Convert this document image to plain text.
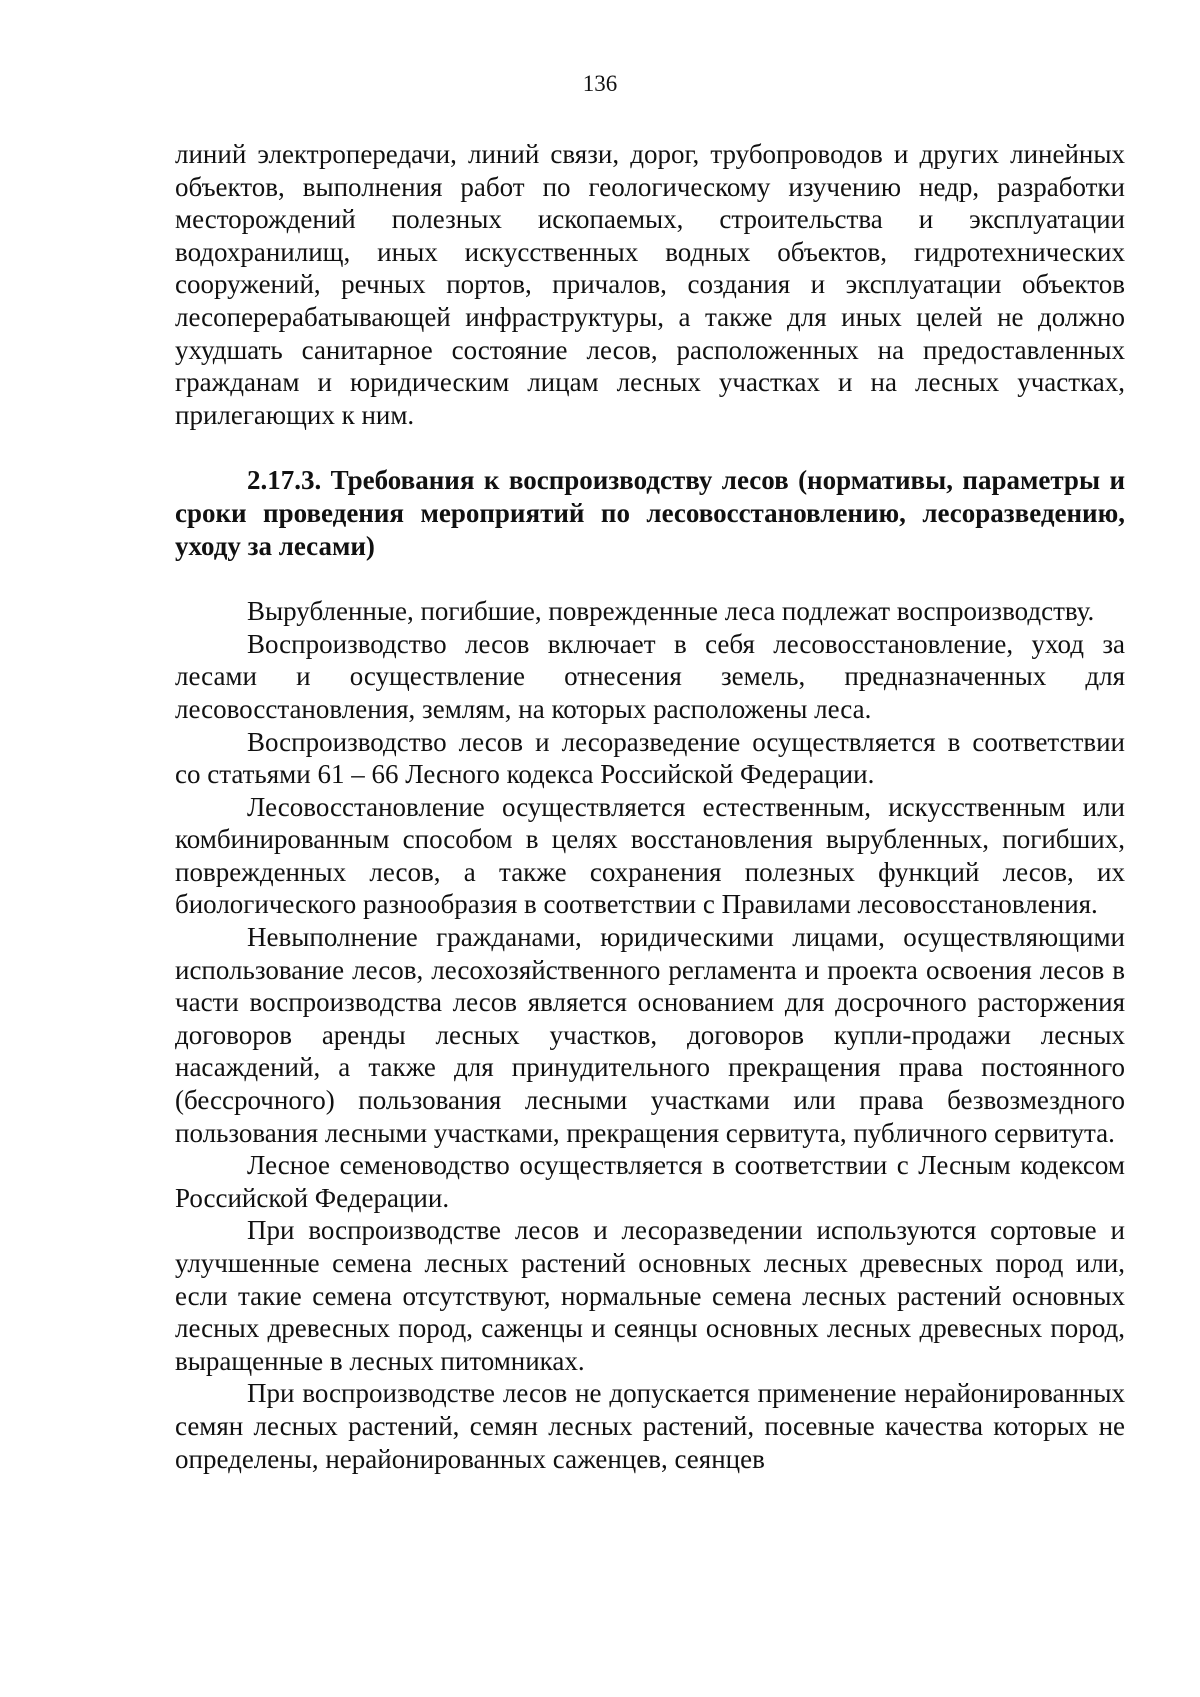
136

линий электропередачи, линий связи, дорог, трубопроводов и других линейных объектов, выполнения работ по геологическому изучению недр, разработки месторождений полезных ископаемых, строительства и эксплуатации водохранилищ, иных искусственных водных объектов, гидротехнических сооружений, речных портов, причалов, создания и эксплуатации объектов лесоперерабатывающей инфраструктуры, а также для иных целей не должно ухудшать санитарное состояние лесов, расположенных на предоставленных гражданам и юридическим лицам лесных участках и на лесных участках, прилегающих к ним.

2.17.3. Требования к воспроизводству лесов (нормативы, параметры и сроки проведения мероприятий по лесовосстановлению, лесоразведению, уходу за лесами)

Вырубленные, погибшие, поврежденные леса подлежат воспроизводству.

Воспроизводство лесов включает в себя лесовосстановление, уход за лесами и осуществление отнесения земель, предназначенных для лесовосстановления, землям, на которых расположены леса.

Воспроизводство лесов и лесоразведение осуществляется в соответствии со статьями 61 – 66 Лесного кодекса Российской Федерации.

Лесовосстановление осуществляется естественным, искусственным или комбинированным способом в целях восстановления вырубленных, погибших, поврежденных лесов, а также сохранения полезных функций лесов, их биологического разнообразия в соответствии с Правилами лесовосстановления.

Невыполнение гражданами, юридическими лицами, осуществляющими использование лесов, лесохозяйственного регламента и проекта освоения лесов в части воспроизводства лесов является основанием для досрочного расторжения договоров аренды лесных участков, договоров купли-продажи лесных насаждений, а также для принудительного прекращения права постоянного (бессрочного) пользования лесными участками или права безвозмездного пользования лесными участками, прекращения сервитута, публичного сервитута.

Лесное семеноводство осуществляется в соответствии с Лесным кодексом Российской Федерации.

При воспроизводстве лесов и лесоразведении используются сортовые и улучшенные семена лесных растений основных лесных древесных пород или, если такие семена отсутствуют, нормальные семена лесных растений основных лесных древесных пород, саженцы и сеянцы основных лесных древесных пород, выращенные в лесных питомниках.

При воспроизводстве лесов не допускается применение нерайонированных семян лесных растений, семян лесных растений, посевные качества которых не определены, нерайонированных саженцев, сеянцев
